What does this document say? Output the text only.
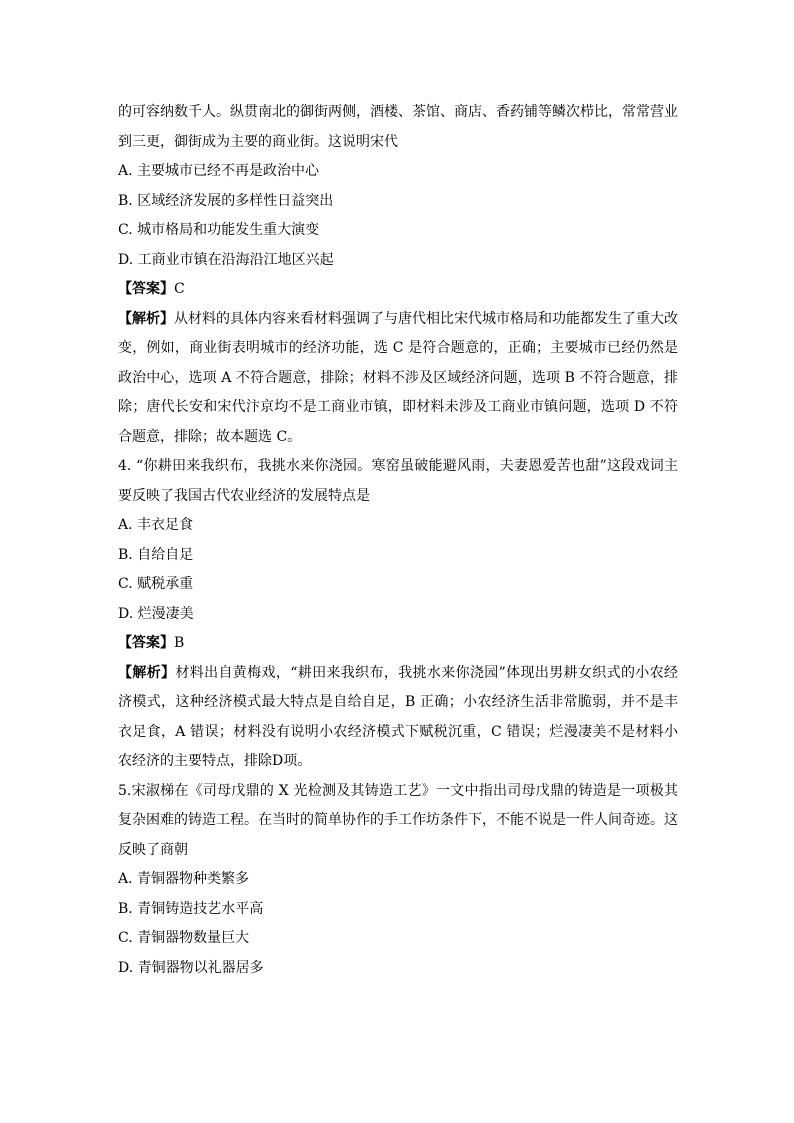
的可容纳数千人。纵贯南北的御街两侧，酒楼、茶馆、商店、香药铺等鳞次栉比，常常营业到三更，御街成为主要的商业街。这说明宋代

A. 主要城市已经不再是政治中心

B. 区域经济发展的多样性日益突出

C. 城市格局和功能发生重大演变

D. 工商业市镇在沿海沿江地区兴起

【答案】C

【解析】从材料的具体内容来看材料强调了与唐代相比宋代城市格局和功能都发生了重大改变，例如，商业街表明城市的经济功能，选 C 是符合题意的，正确；主要城市已经仍然是政治中心，选项 A 不符合题意，排除；材料不涉及区域经济问题，选项 B 不符合题意，排除；唐代长安和宋代汴京均不是工商业市镇，即材料未涉及工商业市镇问题，选项 D 不符合题意，排除；故本题选 C。

4. “你耕田来我织布，我挑水来你浇园。寒窑虽破能避风雨，夫妻恩爱苦也甜”这段戏词主要反映了我国古代农业经济的发展特点是

A. 丰衣足食

B. 自给自足

C. 赋税承重

D. 烂漫凄美

【答案】B

【解析】材料出自黄梅戏，“耕田来我织布，我挑水来你浇园”体现出男耕女织式的小农经济模式，这种经济模式最大特点是自给自足，B 正确；小农经济生活非常脆弱，并不是丰衣足食，A 错误；材料没有说明小农经济模式下赋税沉重，C 错误；烂漫凄美不是材料小农经济的主要特点，排除D项。

5.宋淑梯在《司母戊鼎的 X 光检测及其铸造工艺》一文中指出司母戊鼎的铸造是一项极其复杂困难的铸造工程。在当时的简单协作的手工作坊条件下，不能不说是一件人间奇迹。这反映了商朝

A. 青铜器物种类繁多

B. 青铜铸造技艺水平高

C. 青铜器物数量巨大

D. 青铜器物以礼器居多
